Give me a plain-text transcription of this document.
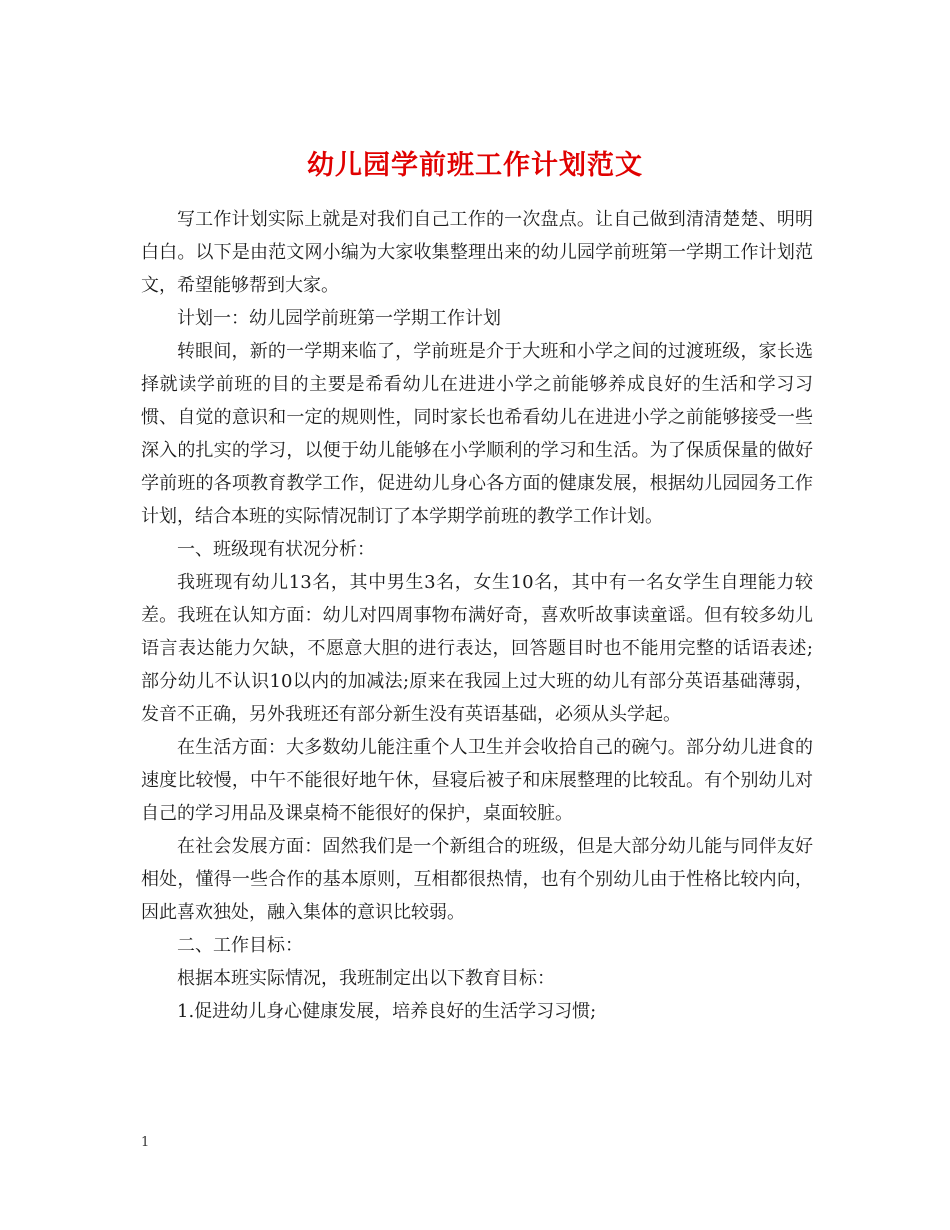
幼儿园学前班工作计划范文

写工作计划实际上就是对我们自己工作的一次盘点。让自己做到清清楚楚、明明白白。以下是由范文网小编为大家收集整理出来的幼儿园学前班第一学期工作计划范文，希望能够帮到大家。

计划一：幼儿园学前班第一学期工作计划

转眼间，新的一学期来临了，学前班是介于大班和小学之间的过渡班级，家长选择就读学前班的目的主要是希看幼儿在进进小学之前能够养成良好的生活和学习习惯、自觉的意识和一定的规则性，同时家长也希看幼儿在进进小学之前能够接受一些深入的扎实的学习，以便于幼儿能够在小学顺利的学习和生活。为了保质保量的做好学前班的各项教育教学工作，促进幼儿身心各方面的健康发展，根据幼儿园园务工作计划，结合本班的实际情况制订了本学期学前班的教学工作计划。

一、班级现有状况分析：

我班现有幼儿13名，其中男生3名，女生10名，其中有一名女学生自理能力较差。我班在认知方面：幼儿对四周事物布满好奇，喜欢听故事读童谣。但有较多幼儿语言表达能力欠缺，不愿意大胆的进行表达，回答题目时也不能用完整的话语表述;部分幼儿不认识10以内的加减法;原来在我园上过大班的幼儿有部分英语基础薄弱，发音不正确，另外我班还有部分新生没有英语基础，必须从头学起。

在生活方面：大多数幼儿能注重个人卫生并会收拾自己的碗勺。部分幼儿进食的速度比较慢，中午不能很好地午休，昼寝后被子和床展整理的比较乱。有个别幼儿对自己的学习用品及课桌椅不能很好的保护，桌面较脏。

在社会发展方面：固然我们是一个新组合的班级，但是大部分幼儿能与同伴友好相处，懂得一些合作的基本原则，互相都很热情，也有个别幼儿由于性格比较内向，因此喜欢独处，融入集体的意识比较弱。

二、工作目标：

根据本班实际情况，我班制定出以下教育目标：

1.促进幼儿身心健康发展，培养良好的生活学习习惯;

1
